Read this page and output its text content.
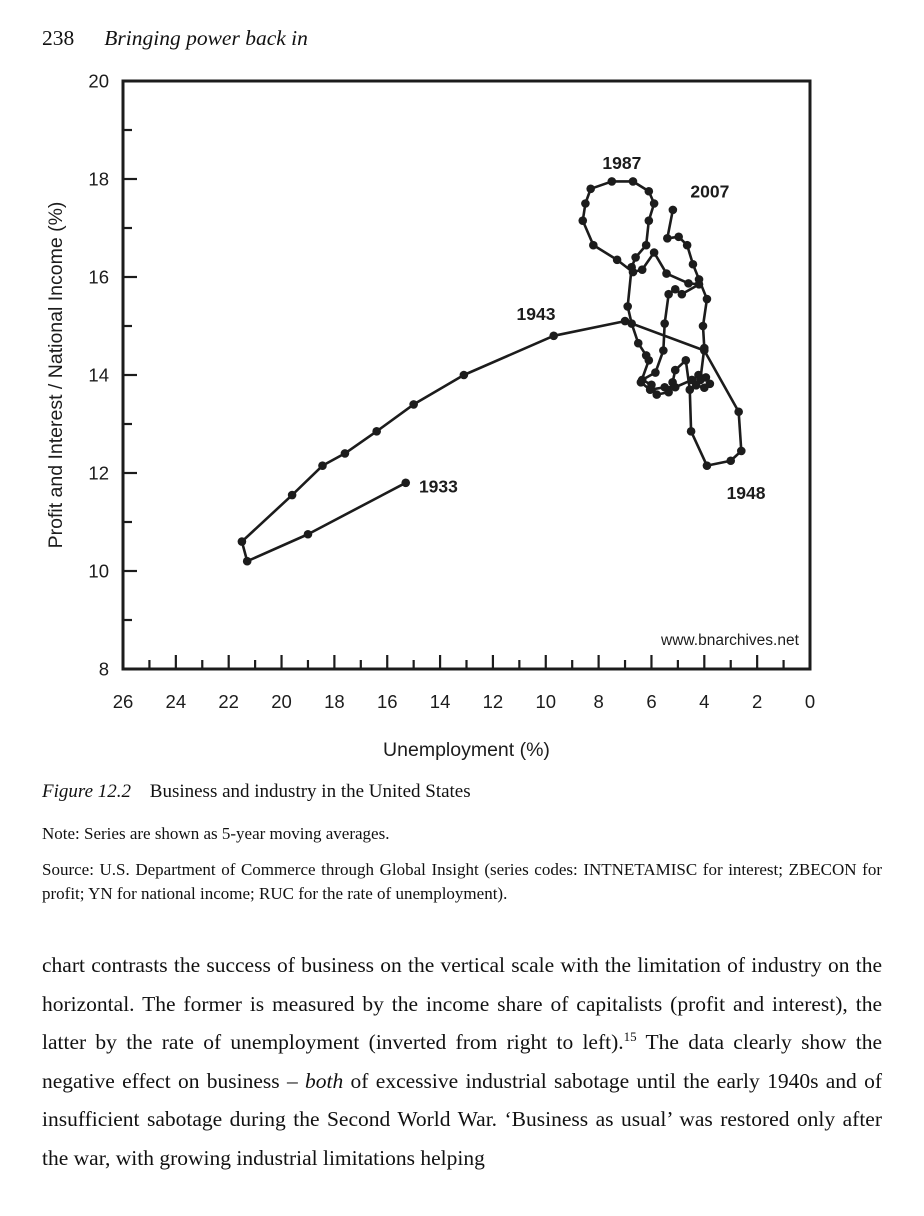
238 Bringing power back in

0
2
4
6
8
10
12
14
16
18
20
22
24
26
8
10
12
14
16
18
20
Unemployment (%)
Profit and Interest / National Income (%)
www.bnarchives.net
1933
1943
1948
1987
2007

Figure 12.2 Business and industry in the United States

Note: Series are shown as 5-year moving averages.

Source: U.S. Department of Commerce through Global Insight (series codes: INTNETAMISC for interest; ZBECON for profit; YN for national income; RUC for the rate of unemployment).

chart contrasts the success of business on the vertical scale with the limitation of industry on the horizontal. The former is measured by the income share of capitalists (profit and interest), the latter by the rate of unemployment (inverted from right to left).$^{15}$ The data clearly show the negative effect on business – both of excessive industrial sabotage until the early 1940s and of insufficient sabotage during the Second World War. ‘Business as usual’ was restored only after the war, with growing industrial limitations helping
